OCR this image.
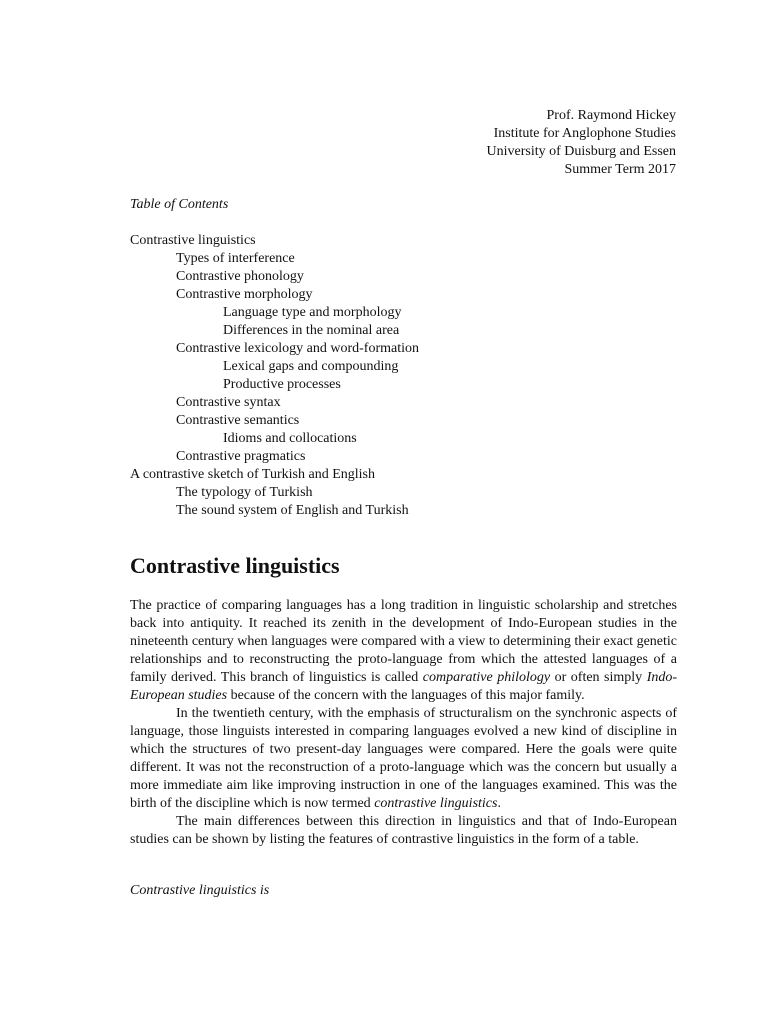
Prof. Raymond Hickey
Institute for Anglophone Studies
University of Duisburg and Essen
Summer Term 2017
Table of Contents
Contrastive linguistics
Types of interference
Contrastive phonology
Contrastive morphology
Language type and morphology
Differences in the nominal area
Contrastive lexicology and word-formation
Lexical gaps and compounding
Productive processes
Contrastive syntax
Contrastive semantics
Idioms and collocations
Contrastive pragmatics
A contrastive sketch of Turkish and English
The typology of Turkish
The sound system of English and Turkish
Contrastive linguistics

The practice of comparing languages has a long tradition in linguistic scholarship and stretches back into antiquity. It reached its zenith in the development of Indo-European studies in the nineteenth century when languages were compared with a view to determining their exact genetic relationships and to reconstructing the proto-language from which the attested languages of a family derived. This branch of linguistics is called comparative philology or often simply Indo-European studies because of the concern with the languages of this major family.

In the twentieth century, with the emphasis of structuralism on the synchronic aspects of language, those linguists interested in comparing languages evolved a new kind of discipline in which the structures of two present-day languages were compared. Here the goals were quite different. It was not the reconstruction of a proto-language which was the concern but usually a more immediate aim like improving instruction in one of the languages examined. This was the birth of the discipline which is now termed contrastive linguistics.

The main differences between this direction in linguistics and that of Indo-European studies can be shown by listing the features of contrastive linguistics in the form of a table.

Contrastive linguistics is
